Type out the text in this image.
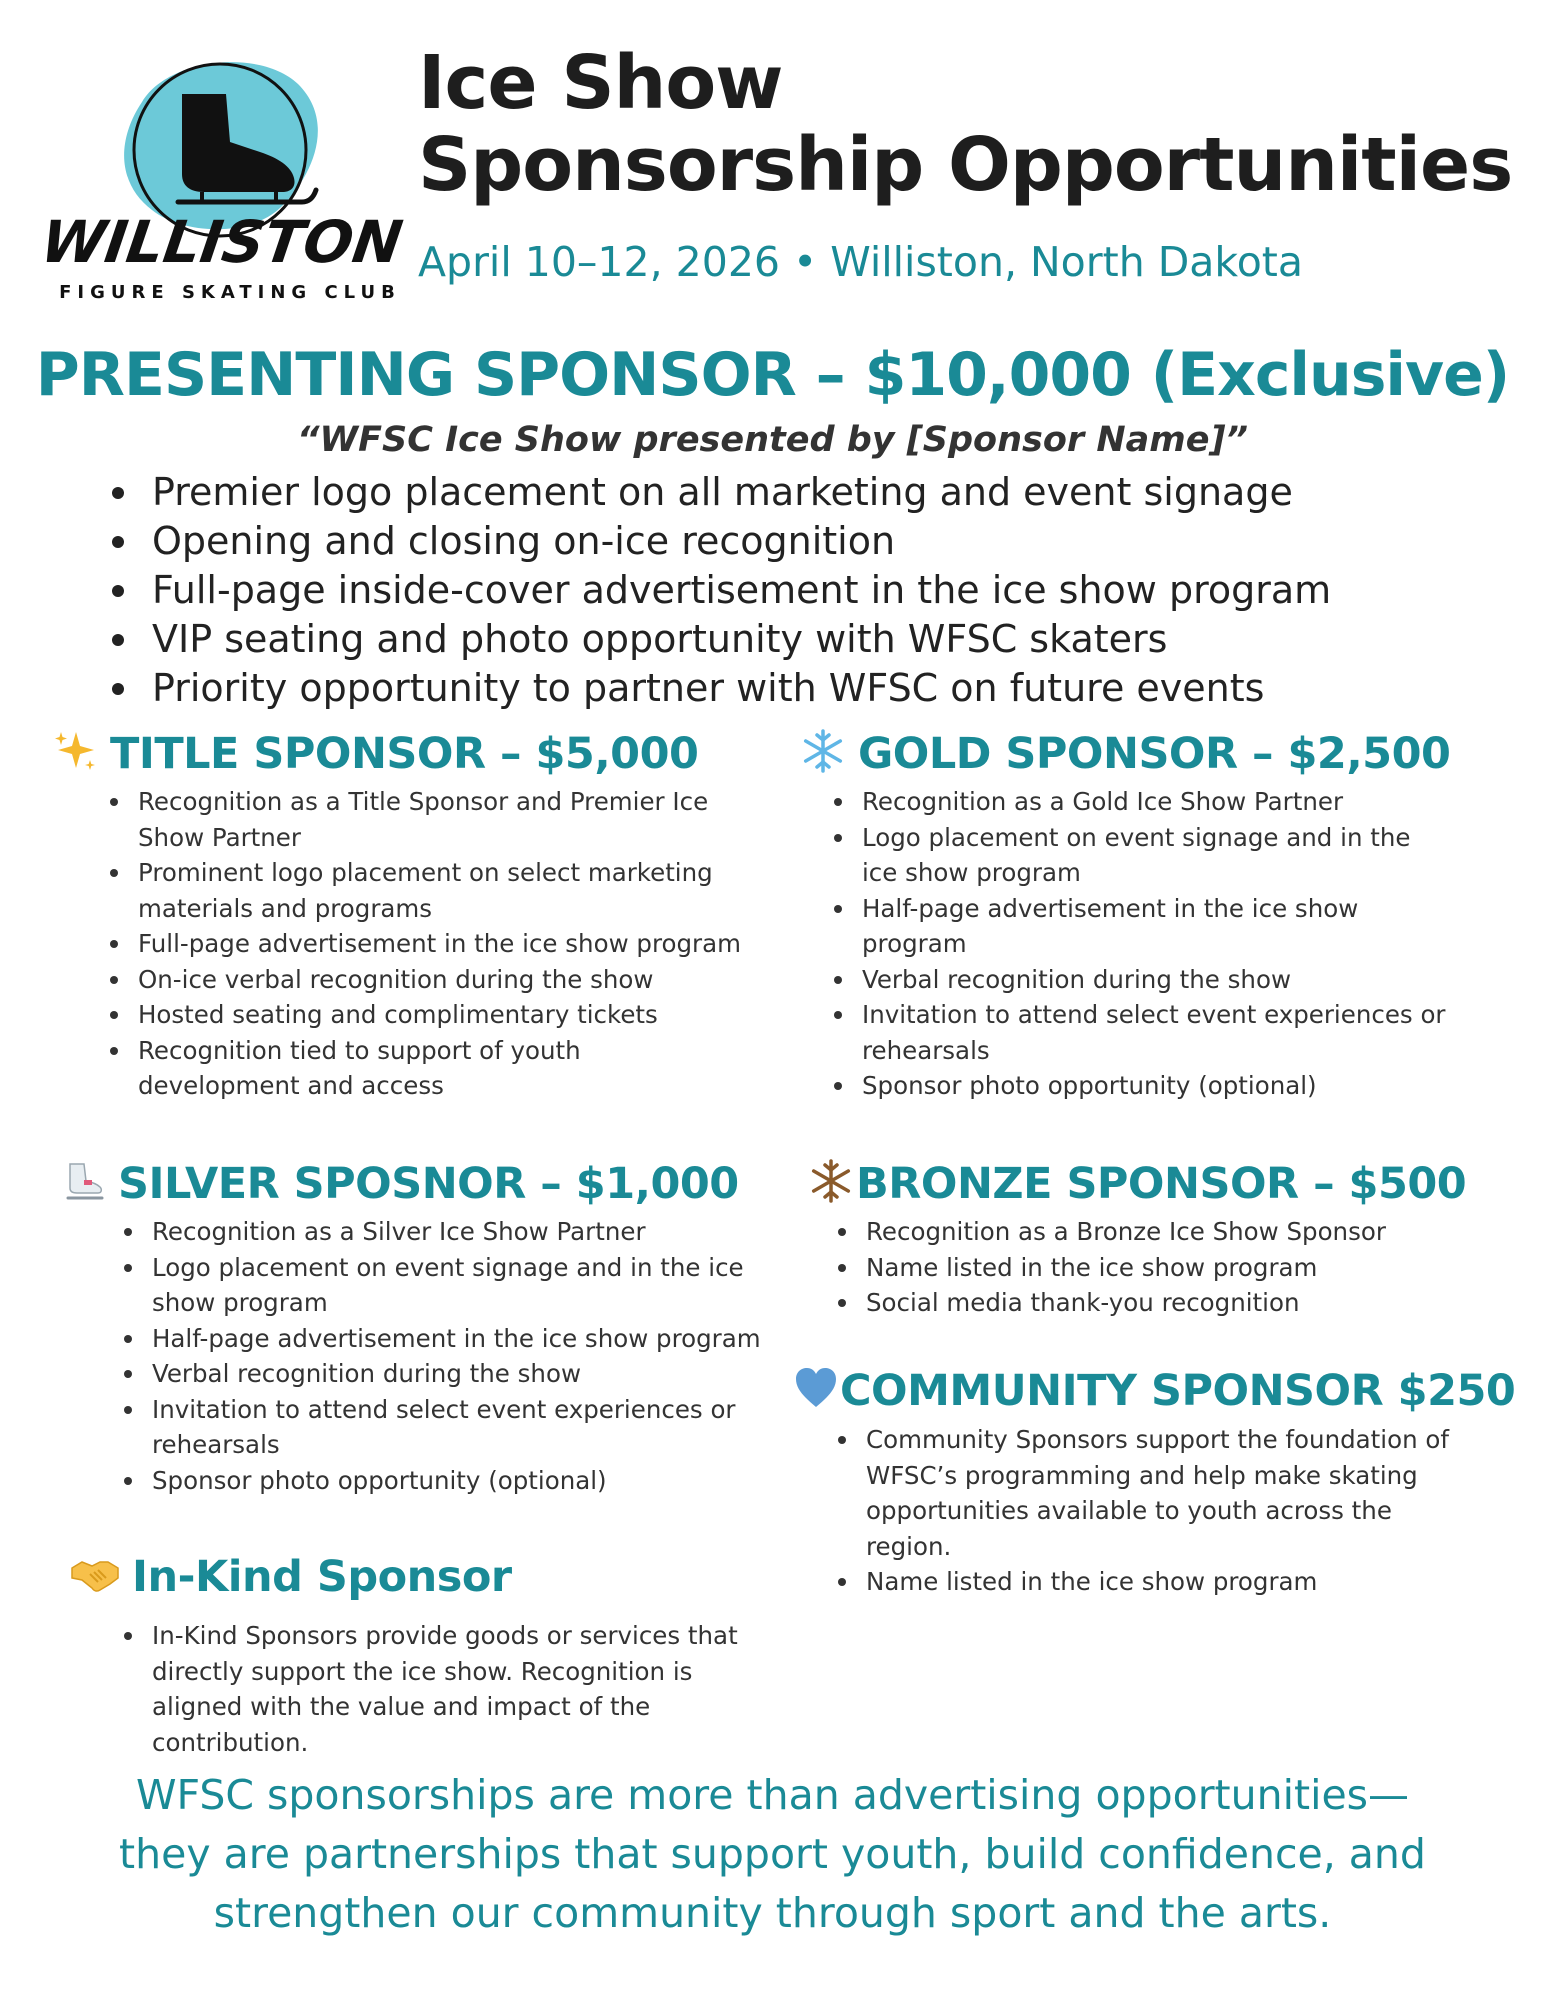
WILLISTON
FIGURE SKATING CLUB
Ice Show
Sponsorship Opportunities
April 10–12, 2026 • Williston, North Dakota
PRESENTING SPONSOR – $10,000 (Exclusive)
“WFSC Ice Show presented by [Sponsor Name]”
Premier logo placement on all marketing and event signage
Opening and closing on-ice recognition
Full-page inside-cover advertisement in the ice show program
VIP seating and photo opportunity with WFSC skaters
Priority opportunity to partner with WFSC on future events
TITLE SPONSOR – $5,000
Recognition as a Title Sponsor and Premier Ice Show Partner
Prominent logo placement on select marketing materials and programs
Full-page advertisement in the ice show program
On-ice verbal recognition during the show
Hosted seating and complimentary tickets
Recognition tied to support of youth development and access
GOLD SPONSOR – $2,500
Recognition as a Gold Ice Show Partner
Logo placement on event signage and in the ice show program
Half-page advertisement in the ice show program
Verbal recognition during the show
Invitation to attend select event experiences or rehearsals
Sponsor photo opportunity (optional)
SILVER SPOSNOR – $1,000
Recognition as a Silver Ice Show Partner
Logo placement on event signage and in the ice show program
Half-page advertisement in the ice show program
Verbal recognition during the show
Invitation to attend select event experiences or rehearsals
Sponsor photo opportunity (optional)
BRONZE SPONSOR – $500
Recognition as a Bronze Ice Show Sponsor
Name listed in the ice show program
Social media thank-you recognition
COMMUNITY SPONSOR $250
Community Sponsors support the foundation of WFSC’s programming and help make skating opportunities available to youth across the region.
Name listed in the ice show program
In-Kind Sponsor
In-Kind Sponsors provide goods or services that directly support the ice show. Recognition is aligned with the value and impact of the contribution.
WFSC sponsorships are more than advertising opportunities—
they are partnerships that support youth, build confidence, and
strengthen our community through sport and the arts.
